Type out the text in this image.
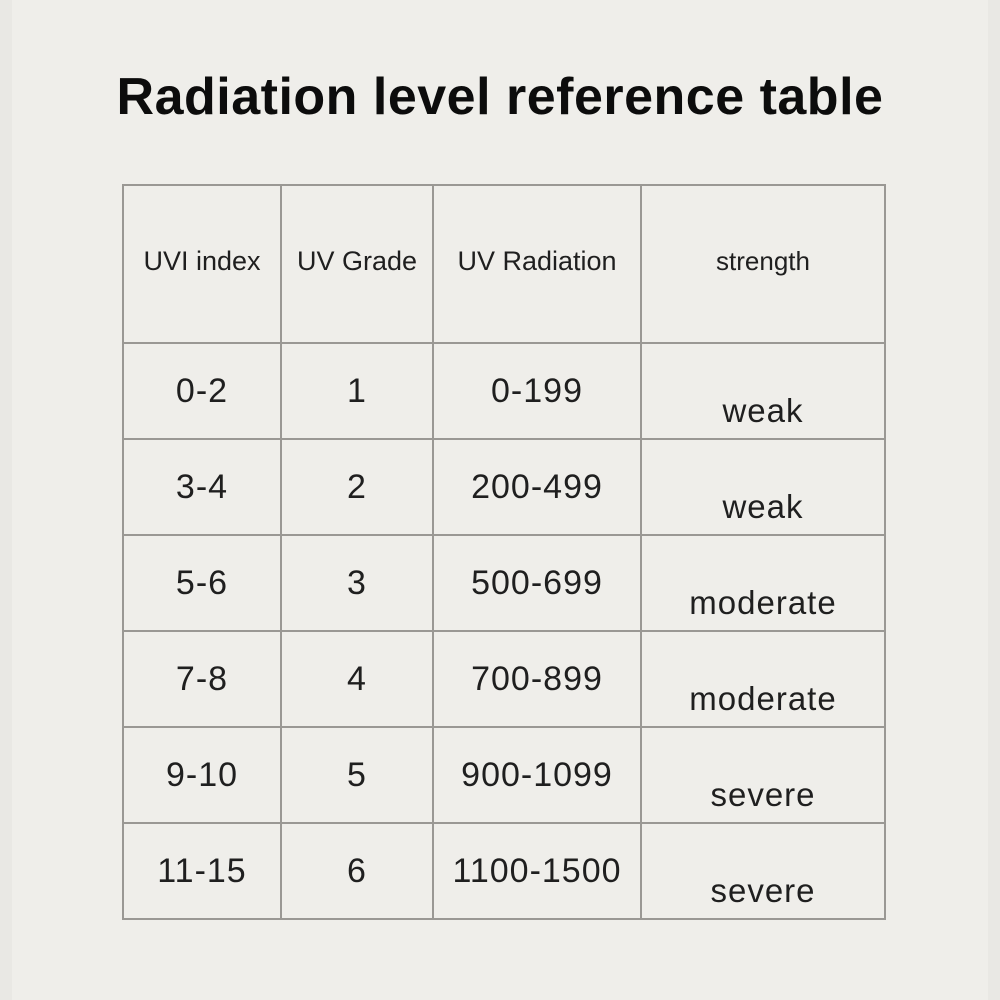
Radiation level reference table
UVI index	UV Grade	UV Radiation	strength
0-2	1	0-199	weak
3-4	2	200-499	weak
5-6	3	500-699	moderate
7-8	4	700-899	moderate
9-10	5	900-1099	severe
11-15	6	1100-1500	severe
